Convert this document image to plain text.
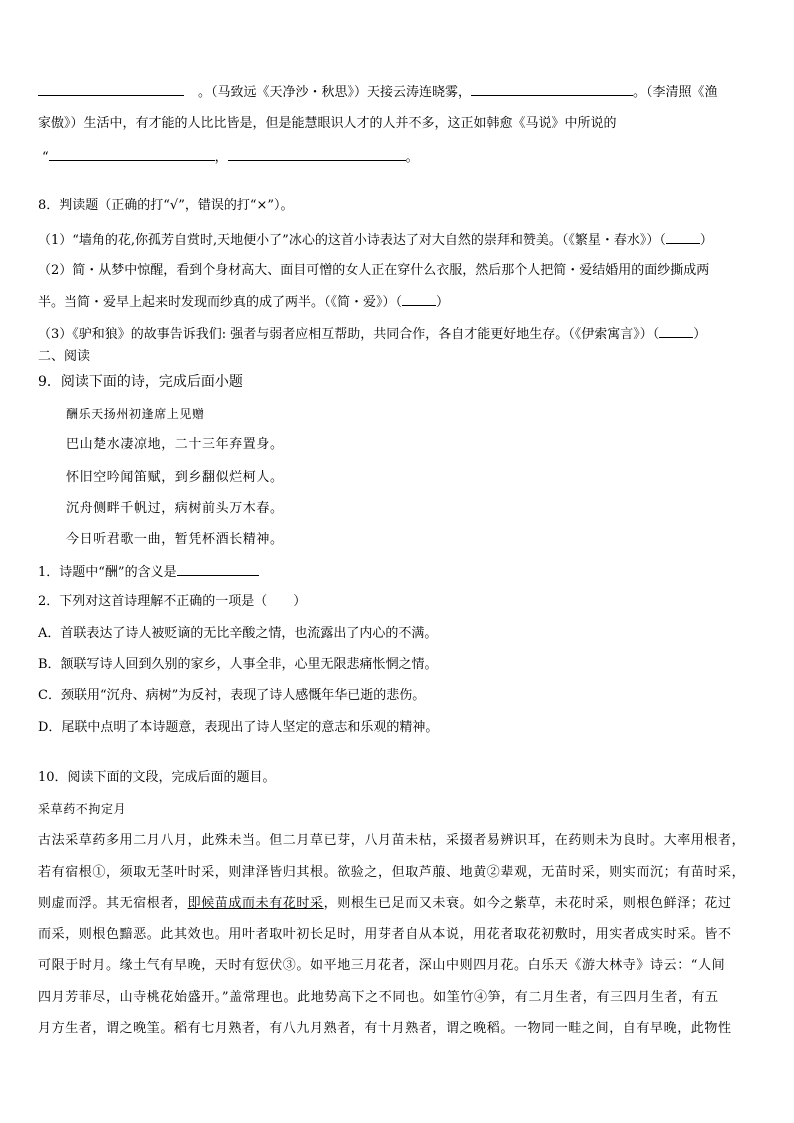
。（马致远《天净沙・秋思》）天接云涛连晓雾，	。（李清照《渔
家傲》）生活中，有才能的人比比皆是，但是能慧眼识人才的人并不多，这正如韩愈《马说》中所说的
“	，	。
8．判读题（正确的打“√”，错误的打“×”）。
（1）“墙角的花,你孤芳自赏时,天地便小了”冰心的这首小诗表达了对大自然的崇拜和赞美。（《繁星・春水》）（	）
（2）简・从梦中惊醒，看到个身材高大、面目可憎的女人正在穿什么衣服，然后那个人把简・爱结婚用的面纱撕成两
半。当简・爱早上起来时发现而纱真的成了两半。（《简・爱》）（	）
（3）《驴和狼》的故事告诉我们: 强者与弱者应相互帮助，共同合作，各自才能更好地生存。（《伊索寓言》）（	）
二、阅读
9．阅读下面的诗，完成后面小题
酬乐天扬州初逢席上见赠
巴山楚水凄凉地，二十三年弃置身。
怀旧空吟闻笛赋，到乡翻似烂柯人。
沉舟侧畔千帆过，病树前头万木春。
今日听君歌一曲，暂凭杯酒长精神。
1．诗题中“酬”的含义是
2．下列对这首诗理解不正确的一项是（　　）
A．首联表达了诗人被贬谪的无比辛酸之情，也流露出了内心的不满。
B．颔联写诗人回到久别的家乡，人事全非，心里无限悲痛怅惘之情。
C．颈联用“沉舟、病树”为反衬，表现了诗人感慨年华已逝的悲伤。
D．尾联中点明了本诗题意，表现出了诗人坚定的意志和乐观的精神。
10．阅读下面的文段，完成后面的题目。
采草药不拘定月
古法采草药多用二月八月，此殊未当。但二月草已芽，八月苗未枯，采掇者易辨识耳，在药则未为良时。大率用根者，
若有宿根①，须取无茎叶时采，则津泽皆归其根。欲验之，但取芦菔、地黄②辈观，无苗时采，则实而沉；有苗时采，
则虚而浮。其无宿根者，即候苗成而未有花时采，则根生已足而又未衰。如今之紫草，未花时采，则根色鲜泽；花过
而采，则根色黯恶。此其效也。用叶者取叶初长足时，用芽者自从本说，用花者取花初敷时，用实者成实时采。皆不
可限于时月。缘土气有早晚，天时有愆伏③。如平地三月花者，深山中则四月花。白乐天《游大林寺》诗云：“人间
四月芳菲尽，山寺桃花始盛开。”盖常理也。此地势高下之不同也。如筀竹④笋，有二月生者，有三四月生者，有五
月方生者，谓之晚筀。稻有七月熟者，有八九月熟者，有十月熟者，谓之晚稻。一物同一畦之间，自有早晚，此物性
